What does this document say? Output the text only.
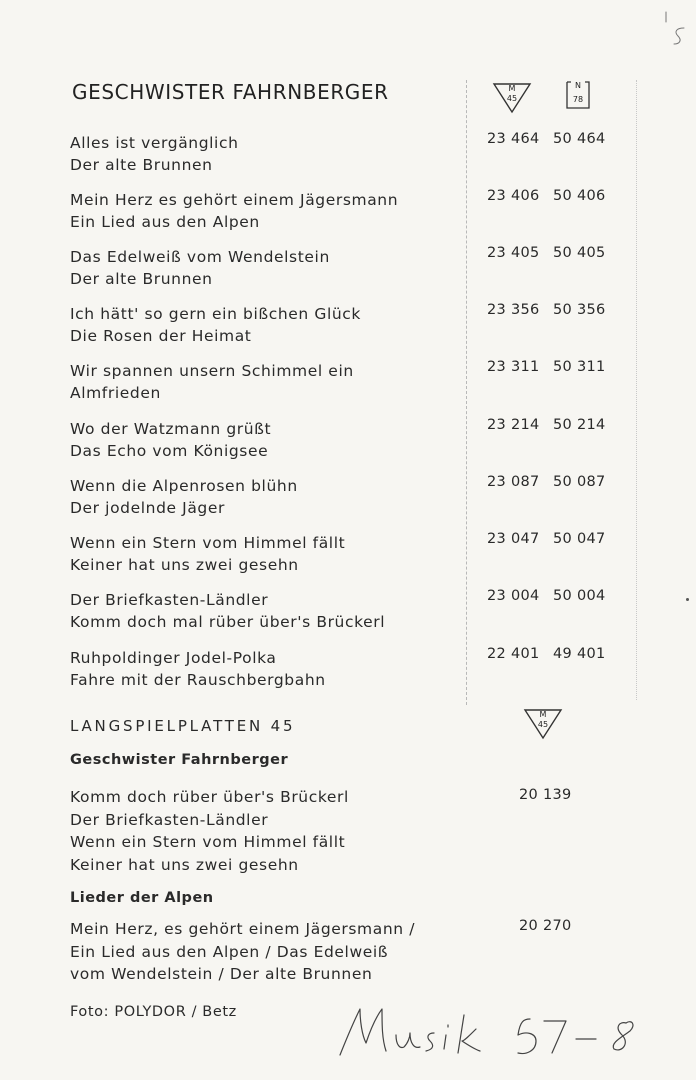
GESCHWISTER FAHRNBERGER	M
45
N
78
Alles ist vergänglich
Der alte Brunnen
23 464 50 464
Mein Herz es gehört einem Jägersmann
Ein Lied aus den Alpen
23 406 50 406
Das Edelweiß vom Wendelstein
Der alte Brunnen
23 405 50 405
Ich hätt' so gern ein bißchen Glück
Die Rosen der Heimat
23 356 50 356
Wir spannen unsern Schimmel ein
Almfrieden
23 311 50 311
Wo der Watzmann grüßt
Das Echo vom Königsee
23 214 50 214
Wenn die Alpenrosen blühn
Der jodelnde Jäger
23 087 50 087
Wenn ein Stern vom Himmel fällt
Keiner hat uns zwei gesehn
23 047 50 047
Der Briefkasten-Ländler
Komm doch mal rüber über's Brückerl
23 004 50 004
Ruhpoldinger Jodel-Polka
Fahre mit der Rauschbergbahn
22 401 49 401
LANGSPIELPLATTEN 45
M
45
Geschwister Fahrnberger
Komm doch rüber über's Brückerl
Der Briefkasten-Ländler
Wenn ein Stern vom Himmel fällt
Keiner hat uns zwei gesehn
20 139
Lieder der Alpen
Mein Herz, es gehört einem Jägersmann /
Ein Lied aus den Alpen / Das Edelweiß
vom Wendelstein / Der alte Brunnen
20 270
Foto: POLYDOR / Betz
